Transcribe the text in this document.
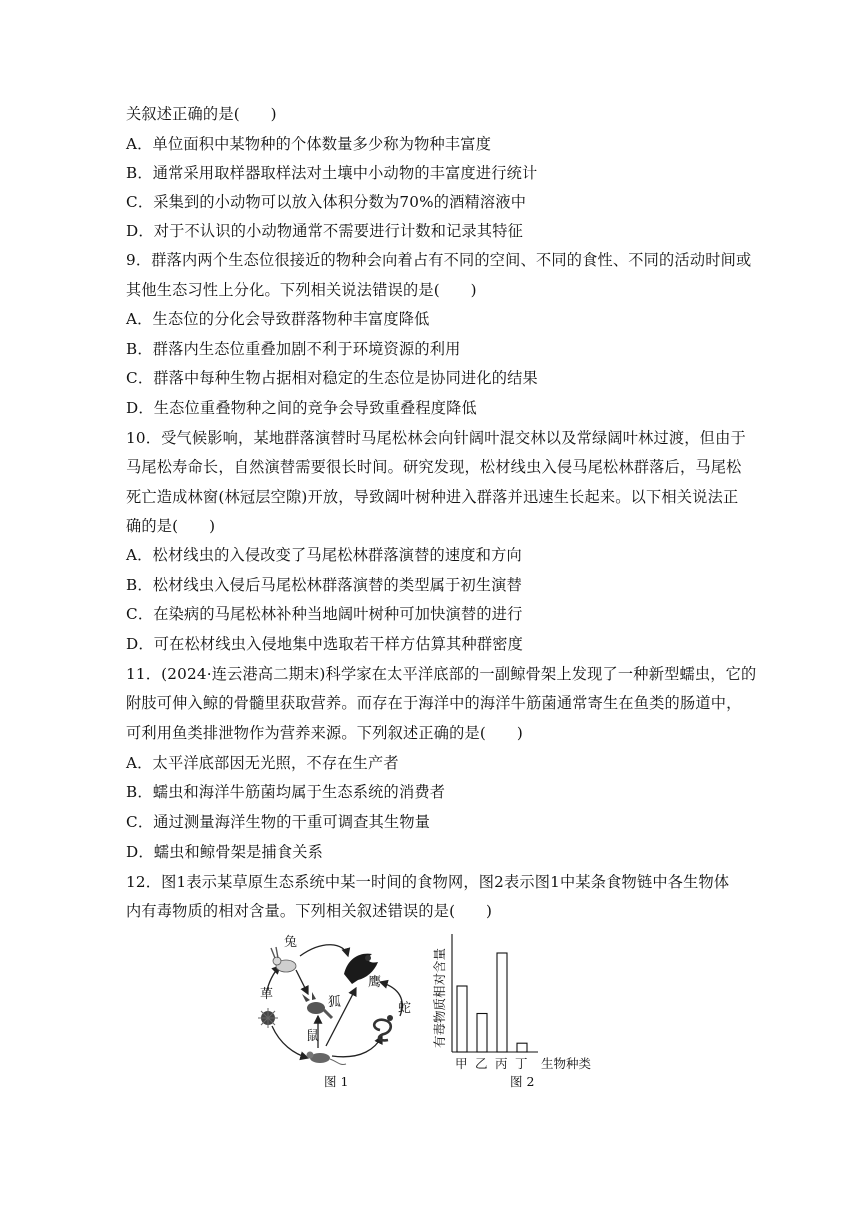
关叙述正确的是(　　)
A．单位面积中某物种的个体数量多少称为物种丰富度
B．通常采用取样器取样法对土壤中小动物的丰富度进行统计
C．采集到的小动物可以放入体积分数为70%的酒精溶液中
D．对于不认识的小动物通常不需要进行计数和记录其特征
9．群落内两个生态位很接近的物种会向着占有不同的空间、不同的食性、不同的活动时间或
其他生态习性上分化。下列相关说法错误的是(　　)
A．生态位的分化会导致群落物种丰富度降低
B．群落内生态位重叠加剧不利于环境资源的利用
C．群落中每种生物占据相对稳定的生态位是协同进化的结果
D．生态位重叠物种之间的竞争会导致重叠程度降低
10．受气候影响，某地群落演替时马尾松林会向针阔叶混交林以及常绿阔叶林过渡，但由于
马尾松寿命长，自然演替需要很长时间。研究发现，松材线虫入侵马尾松林群落后，马尾松
死亡造成林窗(林冠层空隙)开放，导致阔叶树种进入群落并迅速生长起来。以下相关说法正
确的是(　　)
A．松材线虫的入侵改变了马尾松林群落演替的速度和方向
B．松材线虫入侵后马尾松林群落演替的类型属于初生演替
C．在染病的马尾松林补种当地阔叶树种可加快演替的进行
D．可在松材线虫入侵地集中选取若干样方估算其种群密度
11．(2024·连云港高二期末)科学家在太平洋底部的一副鲸骨架上发现了一种新型蠕虫，它的
附肢可伸入鲸的骨髓里获取营养。而存在于海洋中的海洋牛筋菌通常寄生在鱼类的肠道中，
可利用鱼类排泄物作为营养来源。下列叙述正确的是(　　)
A．太平洋底部因无光照，不存在生产者
B．蠕虫和海洋牛筋菌均属于生态系统的消费者
C．通过测量海洋生物的干重可调查其生物量
D．蠕虫和鲸骨架是捕食关系
12．图1表示某草原生态系统中某一时间的食物网，图2表示图1中某条食物链中各生物体
内有毒物质的相对含量。下列相关叙述错误的是(　　)
兔
鹰
草
狐
鼠
蛇
图 1
有毒物质相对含量
甲 乙 丙 丁 生物种类
图 2
